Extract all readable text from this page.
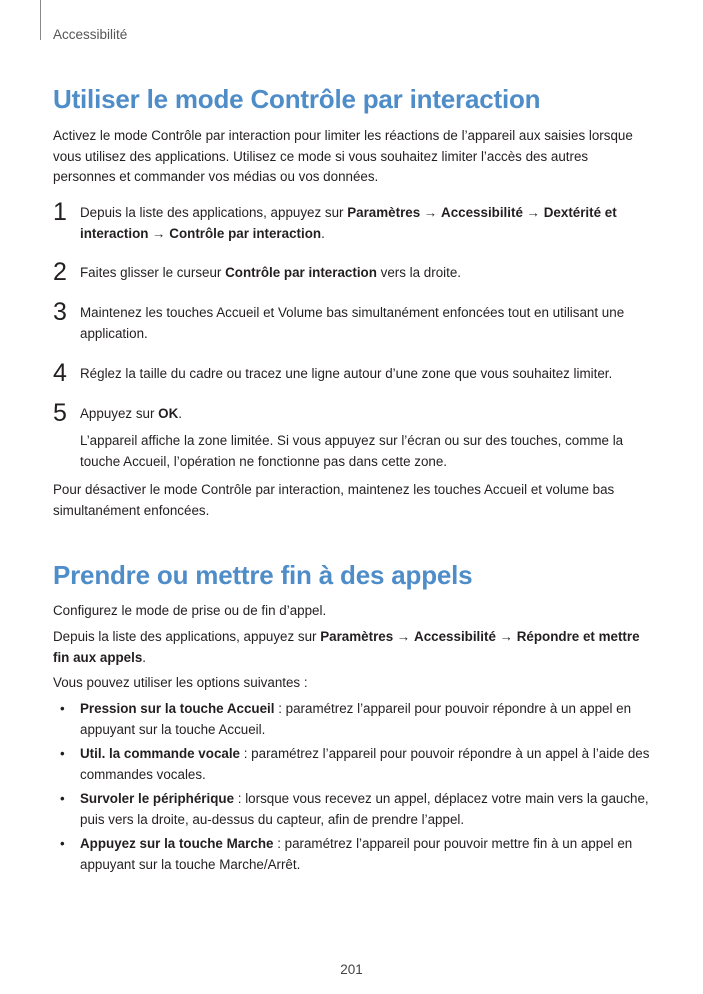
Accessibilité
Utiliser le mode Contrôle par interaction

Activez le mode Contrôle par interaction pour limiter les réactions de l’appareil aux saisies lorsque vous utilisez des applications. Utilisez ce mode si vous souhaitez limiter l’accès des autres personnes et commander vos médias ou vos données.

1 Depuis la liste des applications, appuyez sur Paramètres → Accessibilité → Dextérité et interaction → Contrôle par interaction.

2 Faites glisser le curseur Contrôle par interaction vers la droite.

3 Maintenez les touches Accueil et Volume bas simultanément enfoncées tout en utilisant une application.

4 Réglez la taille du cadre ou tracez une ligne autour d’une zone que vous souhaitez limiter.

5 Appuyez sur OK.

L’appareil affiche la zone limitée. Si vous appuyez sur l’écran ou sur des touches, comme la touche Accueil, l’opération ne fonctionne pas dans cette zone.

Pour désactiver le mode Contrôle par interaction, maintenez les touches Accueil et volume bas simultanément enfoncées.

Prendre ou mettre fin à des appels

Configurez le mode de prise ou de fin d’appel.

Depuis la liste des applications, appuyez sur Paramètres → Accessibilité → Répondre et mettre fin aux appels.

Vous pouvez utiliser les options suivantes :

• Pression sur la touche Accueil : paramétrez l’appareil pour pouvoir répondre à un appel en appuyant sur la touche Accueil.

• Util. la commande vocale : paramétrez l’appareil pour pouvoir répondre à un appel à l’aide des commandes vocales.

• Survoler le périphérique : lorsque vous recevez un appel, déplacez votre main vers la gauche, puis vers la droite, au-dessus du capteur, afin de prendre l’appel.

• Appuyez sur la touche Marche : paramétrez l’appareil pour pouvoir mettre fin à un appel en appuyant sur la touche Marche/Arrêt.

201
